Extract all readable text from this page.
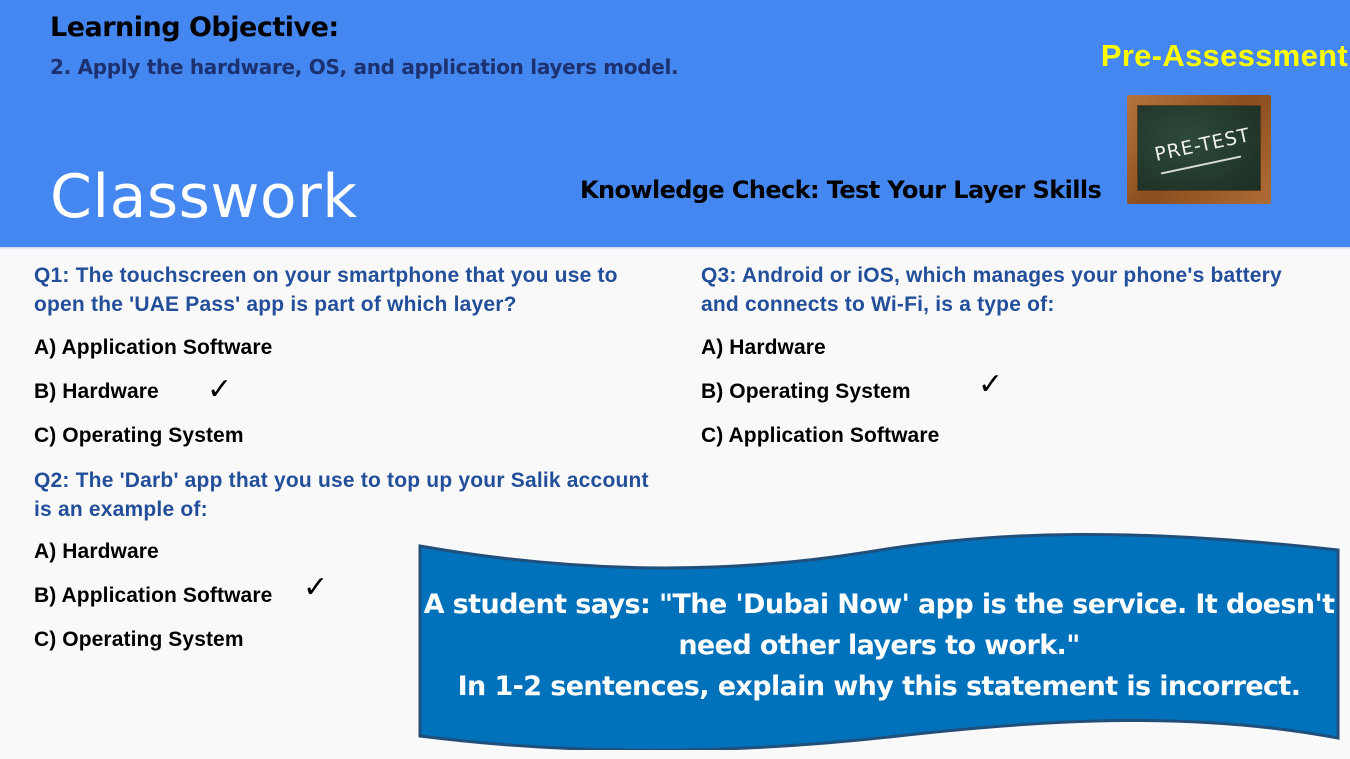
Learning Objective:
2. Apply the hardware, OS, and application layers model.
Classwork	Knowledge Check: Test Your Layer Skills
Pre-Assessment
PRE-TEST
Q1: The touchscreen on your smartphone that you use to
open the 'UAE Pass' app is part of which layer?
A) Application Software
B) Hardware ✓
C) Operating System
Q2: The 'Darb' app that you use to top up your Salik account
is an example of:
A) Hardware
B) Application Software ✓
C) Operating System
Q3: Android or iOS, which manages your phone's battery
and connects to Wi-Fi, is a type of:
A) Hardware
B) Operating System ✓
C) Application Software
A student says: "The 'Dubai Now' app is the service. It doesn't
need other layers to work."
In 1-2 sentences, explain why this statement is incorrect.
